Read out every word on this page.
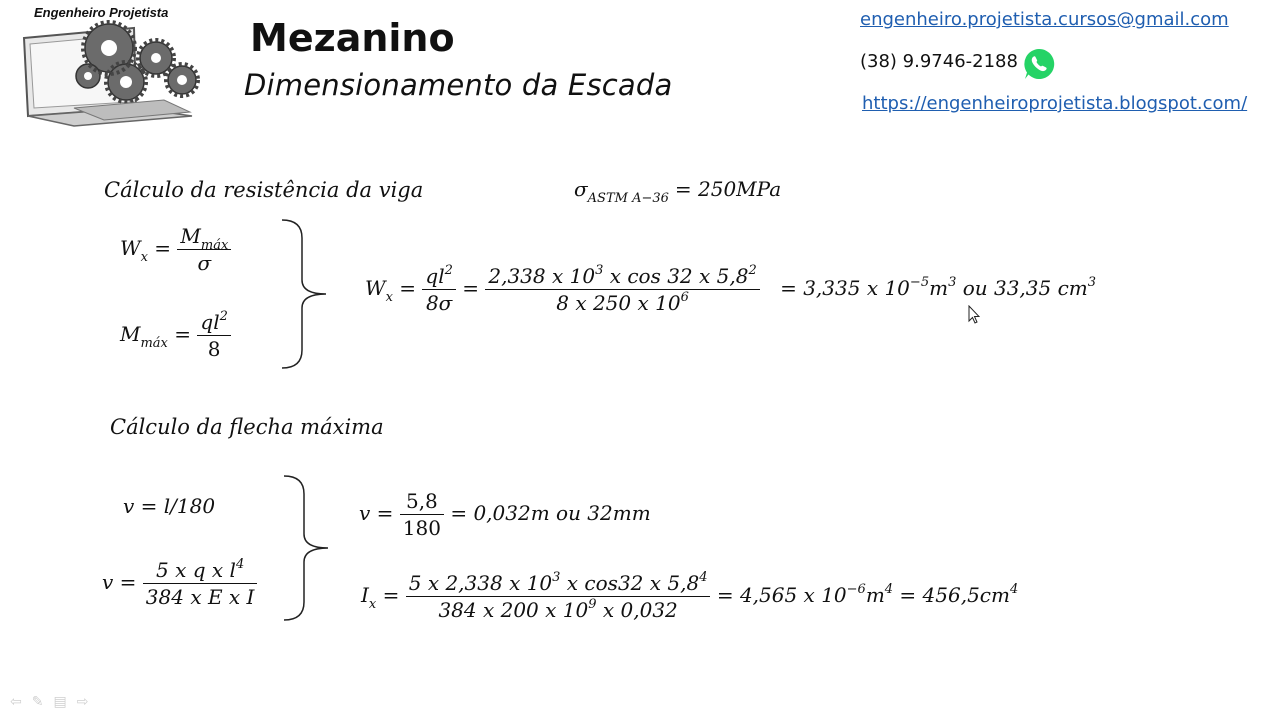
Engenheiro Projetista
Mezanino
Dimensionamento da Escada
engenheiro.projetista.cursos@gmail.com
(38) 9.9746-2188
https://engenheiroprojetista.blogspot.com/
Cálculo da resistência da viga	$\sigma_{ASTM A-36} = 250MPa$
$W_x = \frac{M_{máx}}{\sigma}$
$M_{máx} = \frac{ql^2}{8}$
$W_x = \frac{ql^2}{8\sigma} = \frac{2,338 x 10^3 x \cos 32 x 5,8^2}{8 x 250 x 10^6} = 3,335$ x $10^{-5}m^3$ ou 33,35 $cm^3$
Cálculo da flecha máxima
v = l/180
$v = \frac{5 x q x l^4}{\text{384 x E x I}}$
$v = \frac{5,8}{180} = 0,032m$ ou 32mm
$I_x = \frac{5 x 2,338 x 10^3 x \cos 32 x 5,8^4}{384 x 200 x 10^9 x 0,032} = 4,565$ x $10^{-6}m^4 = 456,5cm^4$
⇦✎▤⇨
